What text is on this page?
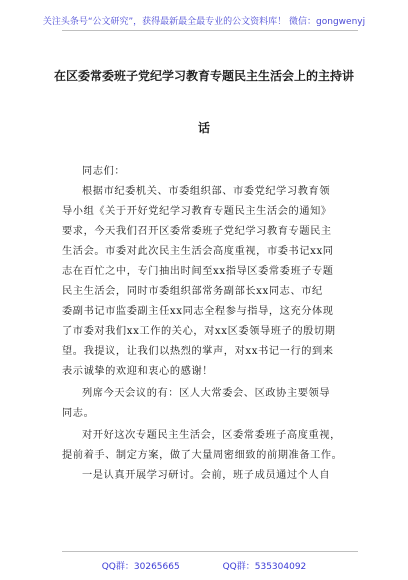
关注头条号“公文研究”，获得最新最全最专业的公文资料库！ 微信：gongwenyj
在区委常委班子党纪学习教育专题民主生活会上的主持讲
话
同志们：
根据市纪委机关、市委组织部、市委党纪学习教育领
导小组《关于开好党纪学习教育专题民主生活会的通知》
要求，今天我们召开区委常委班子党纪学习教育专题民主
生活会。市委对此次民主生活会高度重视，市委书记xx同
志在百忙之中，专门抽出时间至xx指导区委常委班子专题
民主生活会，同时市委组织部常务副部长xx同志、市纪
委副书记市监委副主任xx同志全程参与指导，这充分体现
了市委对我们xx工作的关心，对xx区委领导班子的殷切期
望。我提议，让我们以热烈的掌声，对xx书记一行的到来
表示诚挚的欢迎和衷心的感谢！
列席今天会议的有：区人大常委会、区政协主要领导
同志。
对开好这次专题民主生活会，区委常委班子高度重视，
提前着手、制定方案，做了大量周密细致的前期准备工作。
一是认真开展学习研讨。会前，班子成员通过个人自
QQ群：30265665	QQ群：535304092
